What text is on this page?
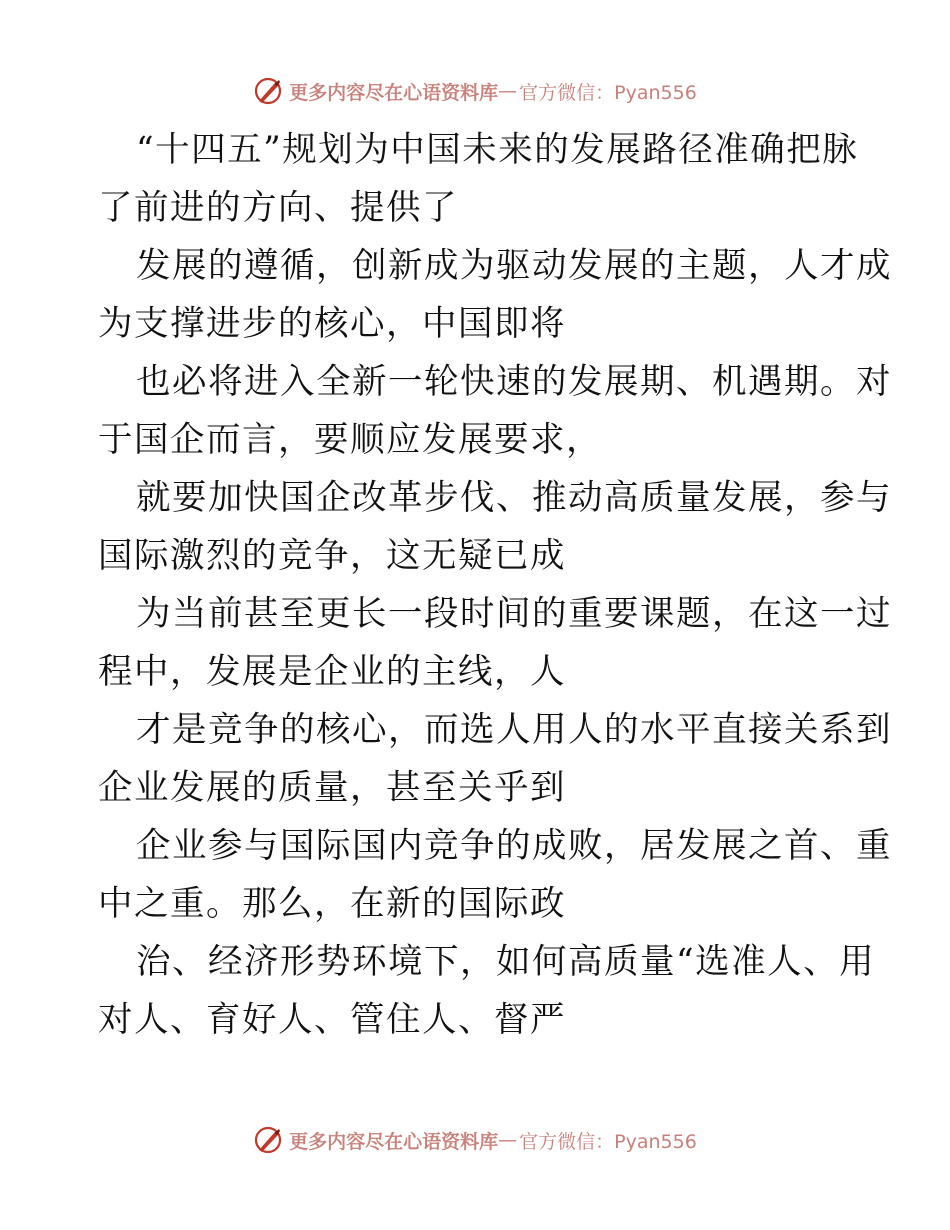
更多内容尽在心语资料库 — 官方微信：Pyan556

“十四五”规划为中国未来的发展路径准确把脉
了前进的方向、提供了

发展的遵循，创新成为驱动发展的主题，人才成
为支撑进步的核心，中国即将

也必将进入全新一轮快速的发展期、机遇期。对
于国企而言，要顺应发展要求，

就要加快国企改革步伐、推动高质量发展，参与
国际激烈的竞争，这无疑已成

为当前甚至更长一段时间的重要课题，在这一过
程中，发展是企业的主线，人

才是竞争的核心，而选人用人的水平直接关系到
企业发展的质量，甚至关乎到

企业参与国际国内竞争的成败，居发展之首、重
中之重。那么，在新的国际政

治、经济形势环境下，如何高质量“选准人、用
对人、育好人、管住人、督严

更多内容尽在心语资料库 — 官方微信：Pyan556
